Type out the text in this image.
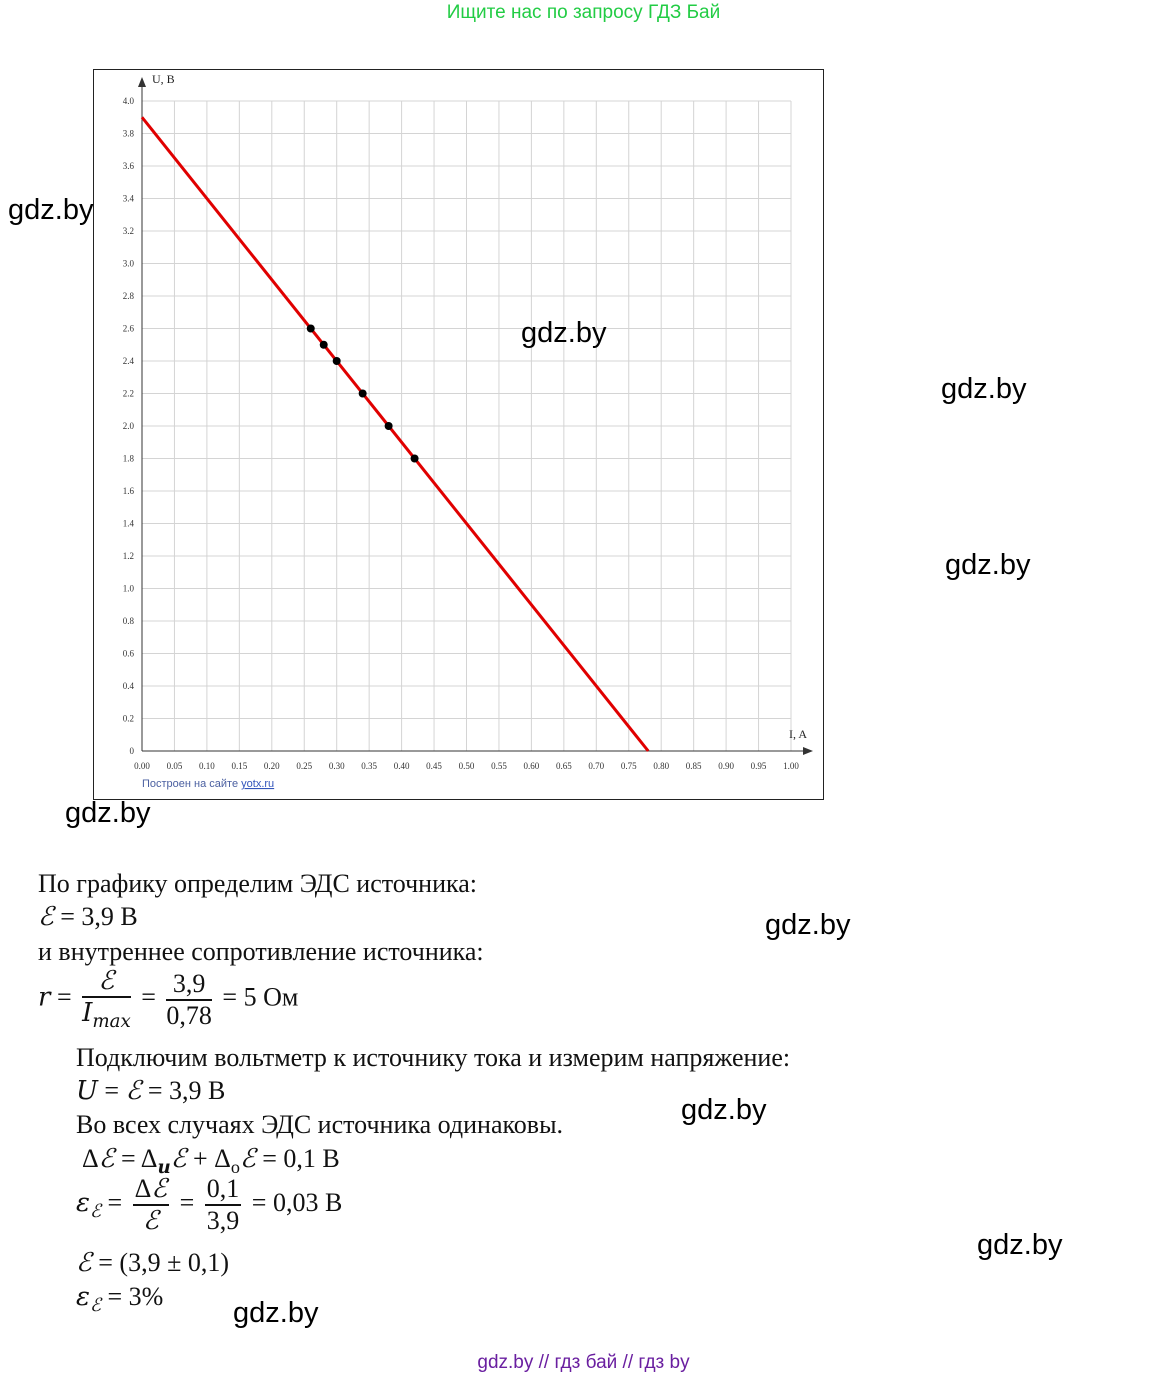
Ищите нас по запросу ГДЗ Бай
0.00 0.05 0.10 0.15 0.20 0.25 0.30 0.35 0.40 0.45 0.50 0.55 0.60 0.65 0.70 0.75 0.80 0.85 0.90 0.95 1.00
0
0.2
0.4
0.6
0.8
1.0
1.2
1.4
1.6
1.8
2.0
2.2
2.4
2.6
2.8
3.0
3.2
3.4
3.6
3.8
4.0
I, A
U, B
Построен на сайте yotx.ru
gdz.by
gdz.by
gdz.by
gdz.by
gdz.by
gdz.by
gdz.by
gdz.by
gdz.by
По графику определим ЭДС источника:
ℰ = 3,9 В
и внутреннее сопротивление источника:
$r = \frac{\text{ℰ}}{I_{max}} = \frac{3,9}{0,78} = 5$ Ом
Подключим вольтметр к источнику тока и измерим напряжение:
U = ℰ = 3,9 В
Во всех случаях ЭДС источника одинаковы.
Δℰ = $\Delta_иℰ$ + $\Delta_оℰ = 0,1$ В
$\varepsilon_ℰ = \frac{\text{Δℰ}}{\text{ℰ}} = \frac{0,1}{3,9} = 0,03$ В
ℰ = (3,9 ± 0,1)
$\varepsilon_ℰ = 3\%$
gdz.by // гдз бай // гдз by
